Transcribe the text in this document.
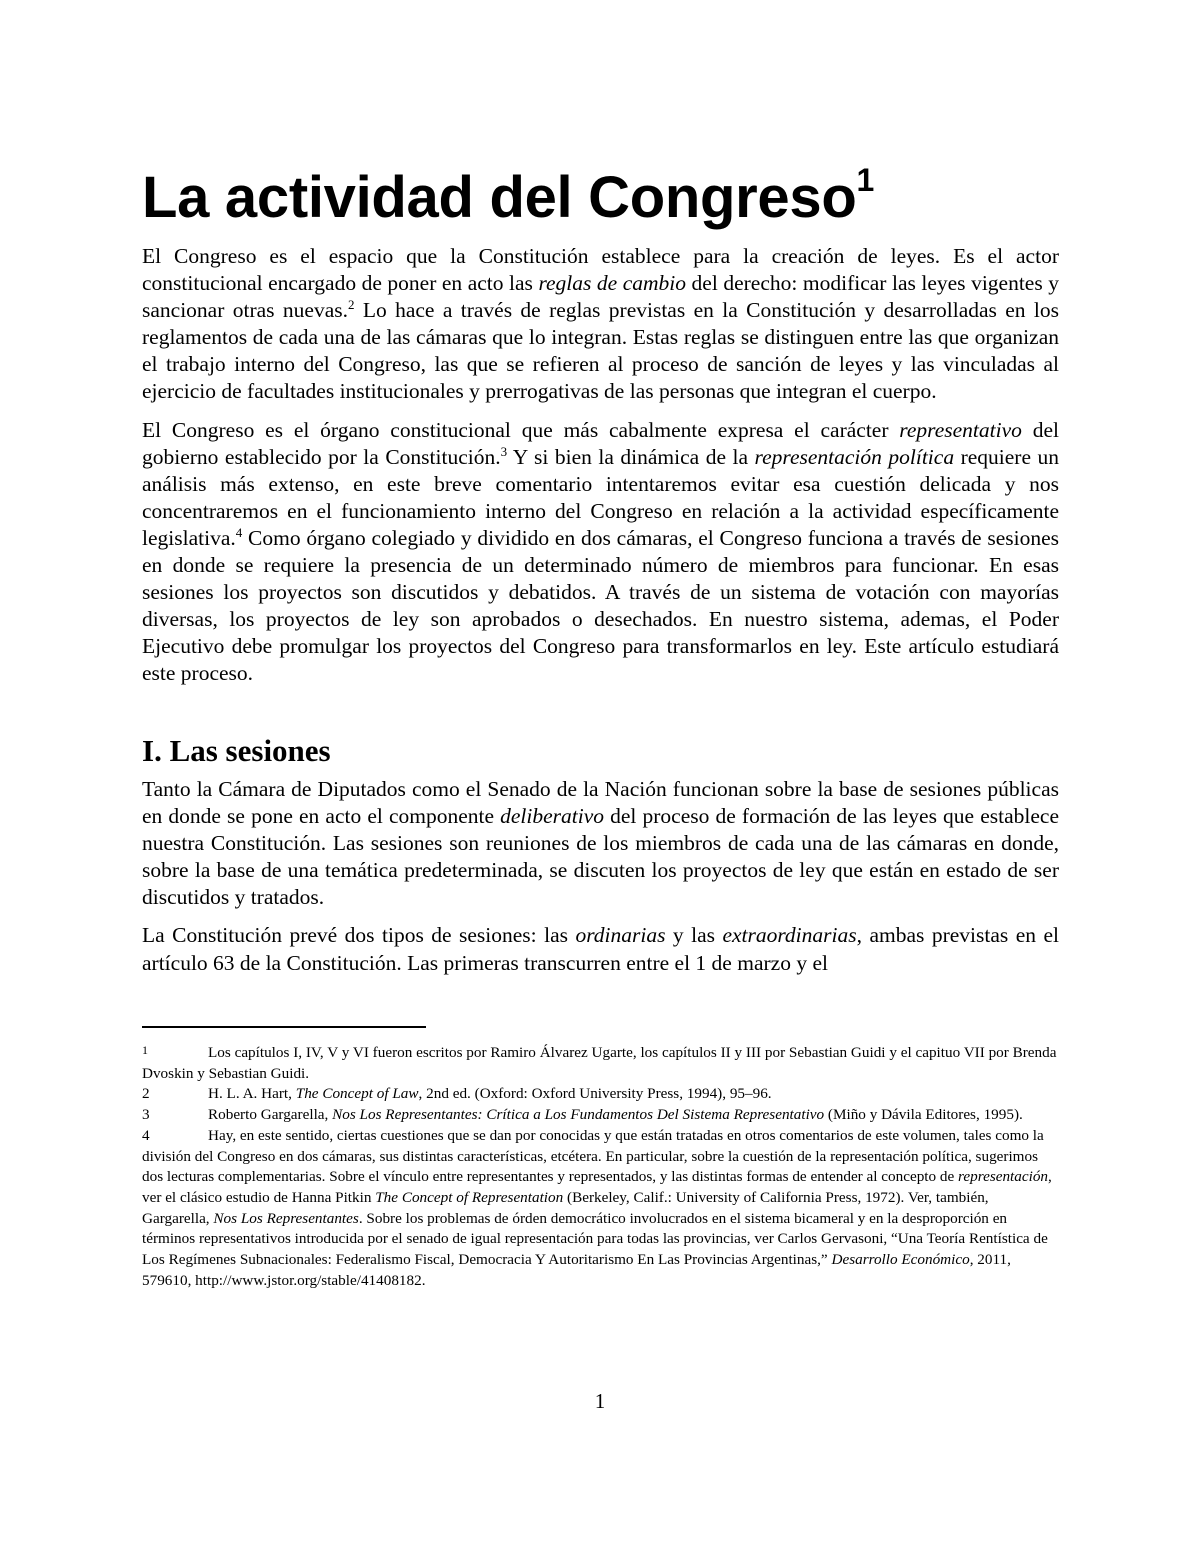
La actividad del Congreso$^1$

El Congreso es el espacio que la Constitución establece para la creación de leyes. Es el actor constitucional encargado de poner en acto las reglas de cambio del derecho: modificar las leyes vigentes y sancionar otras nuevas.$^2$ Lo hace a través de reglas previstas en la Constitución y desarrolladas en los reglamentos de cada una de las cámaras que lo integran. Estas reglas se distinguen entre las que organizan el trabajo interno del Congreso, las que se refieren al proceso de sanción de leyes y las vinculadas al ejercicio de facultades institucionales y prerrogativas de las personas que integran el cuerpo.

El Congreso es el órgano constitucional que más cabalmente expresa el carácter representativo del gobierno establecido por la Constitución.$^3$ Y si bien la dinámica de la representación política requiere un análisis más extenso, en este breve comentario intentaremos evitar esa cuestión delicada y nos concentraremos en el funcionamiento interno del Congreso en relación a la actividad específicamente legislativa.$^4$ Como órgano colegiado y dividido en dos cámaras, el Congreso funciona a través de sesiones en donde se requiere la presencia de un determinado número de miembros para funcionar. En esas sesiones los proyectos son discutidos y debatidos. A través de un sistema de votación con mayorías diversas, los proyectos de ley son aprobados o desechados. En nuestro sistema, ademas, el Poder Ejecutivo debe promulgar los proyectos del Congreso para transformarlos en ley. Este artículo estudiará este proceso.

I. Las sesiones

Tanto la Cámara de Diputados como el Senado de la Nación funcionan sobre la base de sesiones públicas en donde se pone en acto el componente deliberativo del proceso de formación de las leyes que establece nuestra Constitución. Las sesiones son reuniones de los miembros de cada una de las cámaras en donde, sobre la base de una temática predeterminada, se discuten los proyectos de ley que están en estado de ser discutidos y tratados.

La Constitución prevé dos tipos de sesiones: las ordinarias y las extraordinarias, ambas previstas en el artículo 63 de la Constitución. Las primeras transcurren entre el 1 de marzo y el

1	Los capítulos I, IV, V y VI fueron escritos por Ramiro Álvarez Ugarte, los capítulos II y III por Sebastian Guidi y el capituo VII por Brenda Dvoskin y Sebastian Guidi.

2	H. L. A. Hart, The Concept of Law, 2nd ed. (Oxford: Oxford University Press, 1994), 95–96.

3	Roberto Gargarella, Nos Los Representantes: Crítica a Los Fundamentos Del Sistema Representativo (Miño y Dávila Editores, 1995).

4	Hay, en este sentido, ciertas cuestiones que se dan por conocidas y que están tratadas en otros comentarios de este volumen, tales como la división del Congreso en dos cámaras, sus distintas características, etcétera. En particular, sobre la cuestión de la representación política, sugerimos dos lecturas complementarias. Sobre el vínculo entre representantes y representados, y las distintas formas de entender al concepto de representación, ver el clásico estudio de Hanna Pitkin The Concept of Representation (Berkeley, Calif.: University of California Press, 1972). Ver, también, Gargarella, Nos Los Representantes. Sobre los problemas de órden democrático involucrados en el sistema bicameral y en la desproporción en términos representativos introducida por el senado de igual representación para todas las provincias, ver Carlos Gervasoni, “Una Teoría Rentística de Los Regímenes Subnacionales: Federalismo Fiscal, Democracia Y Autoritarismo En Las Provincias Argentinas,” Desarrollo Económico, 2011, 579610, http://www.jstor.org/stable/41408182.

1
